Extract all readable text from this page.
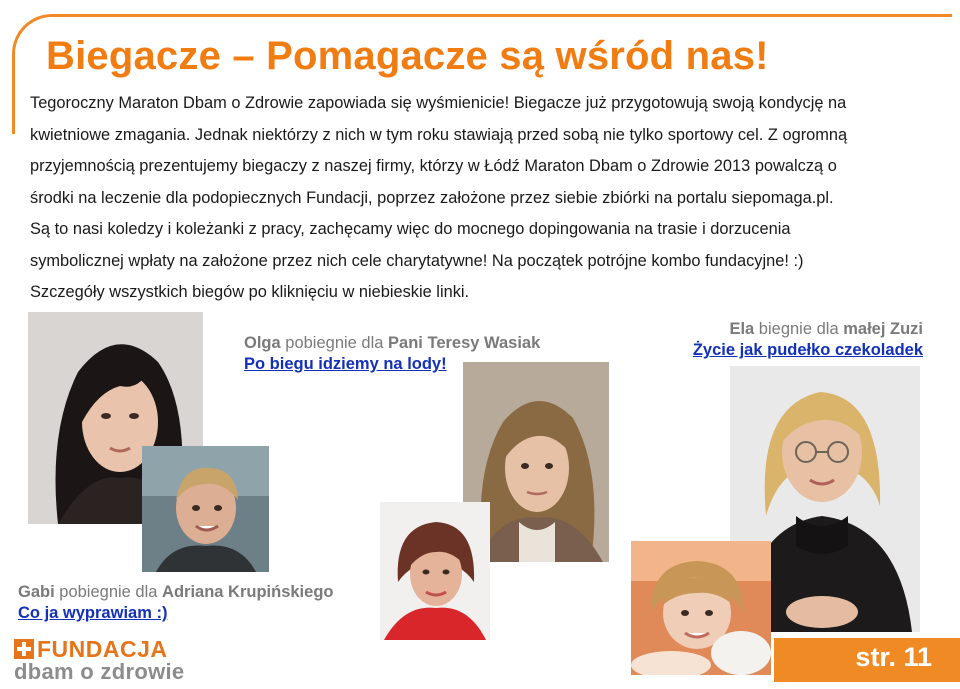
Biegacze – Pomagacze są wśród nas!

Tegoroczny Maraton Dbam o Zdrowie zapowiada się wyśmienicie! Biegacze już przygotowują swoją kondycję na

kwietniowe zmagania. Jednak niektórzy z nich w tym roku stawiają przed sobą nie tylko sportowy cel. Z ogromną

przyjemnością prezentujemy biegaczy z naszej firmy, którzy w Łódź Maraton Dbam o Zdrowie 2013 powalczą o

środki na leczenie dla podopiecznych Fundacji, poprzez założone przez siebie zbiórki na portalu siepomaga.pl.

Są to nasi koledzy i koleżanki z pracy, zachęcamy więc do mocnego dopingowania na trasie i dorzucenia

symbolicznej wpłaty na założone przez nich cele charytatywne! Na początek potrójne kombo fundacyjne! :)

Szczegóły wszystkich biegów po kliknięciu w niebieskie linki.

Olga pobiegnie dla Pani Teresy Wasiak
Po biegu idziemy na lody!
Ela biegnie dla małej Zuzi
Życie jak pudełko czekoladek
Gabi pobiegnie dla Adriana Krupińskiego
Co ja wyprawiam :)
FUNDACJA
dbam o zdrowie	str. 11
